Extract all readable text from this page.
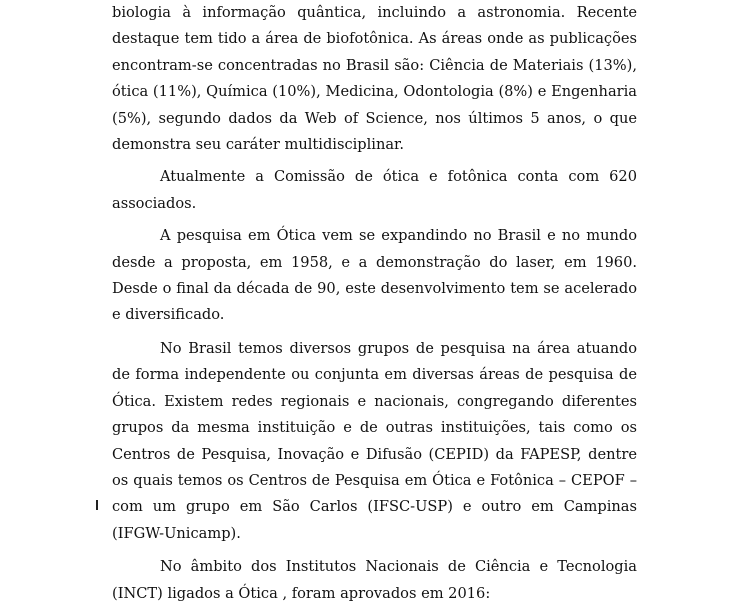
biologia à informação quântica, incluindo a astronomia. Recente destaque tem tido a área de biofotônica. As áreas onde as publicações encontram-se concentradas no Brasil são: Ciência de Materiais (13%), ótica (11%), Química (10%), Medicina, Odontologia (8%) e Engenharia (5%), segundo dados da Web of Science, nos últimos 5 anos, o que demonstra seu caráter multidisciplinar.

Atualmente a Comissão de ótica e fotônica conta com 620 associados.

A pesquisa em Ótica vem se expandindo no Brasil e no mundo desde a proposta, em 1958, e a demonstração do laser, em 1960. Desde o final da década de 90, este desenvolvimento tem se acelerado e diversificado.

No Brasil temos diversos grupos de pesquisa na área atuando de forma independente ou conjunta em diversas áreas de pesquisa de Ótica. Existem redes regionais e nacionais, congregando diferentes grupos da mesma instituição e de outras instituições, tais como os Centros de Pesquisa, Inovação e Difusão (CEPID) da FAPESP, dentre os quais temos os Centros de Pesquisa em Ótica e Fotônica – CEPOF – com um grupo em São Carlos (IFSC-USP) e outro em Campinas (IFGW-Unicamp).

No âmbito dos Institutos Nacionais de Ciência e Tecnologia (INCT) ligados a Ótica , foram aprovados em 2016:
